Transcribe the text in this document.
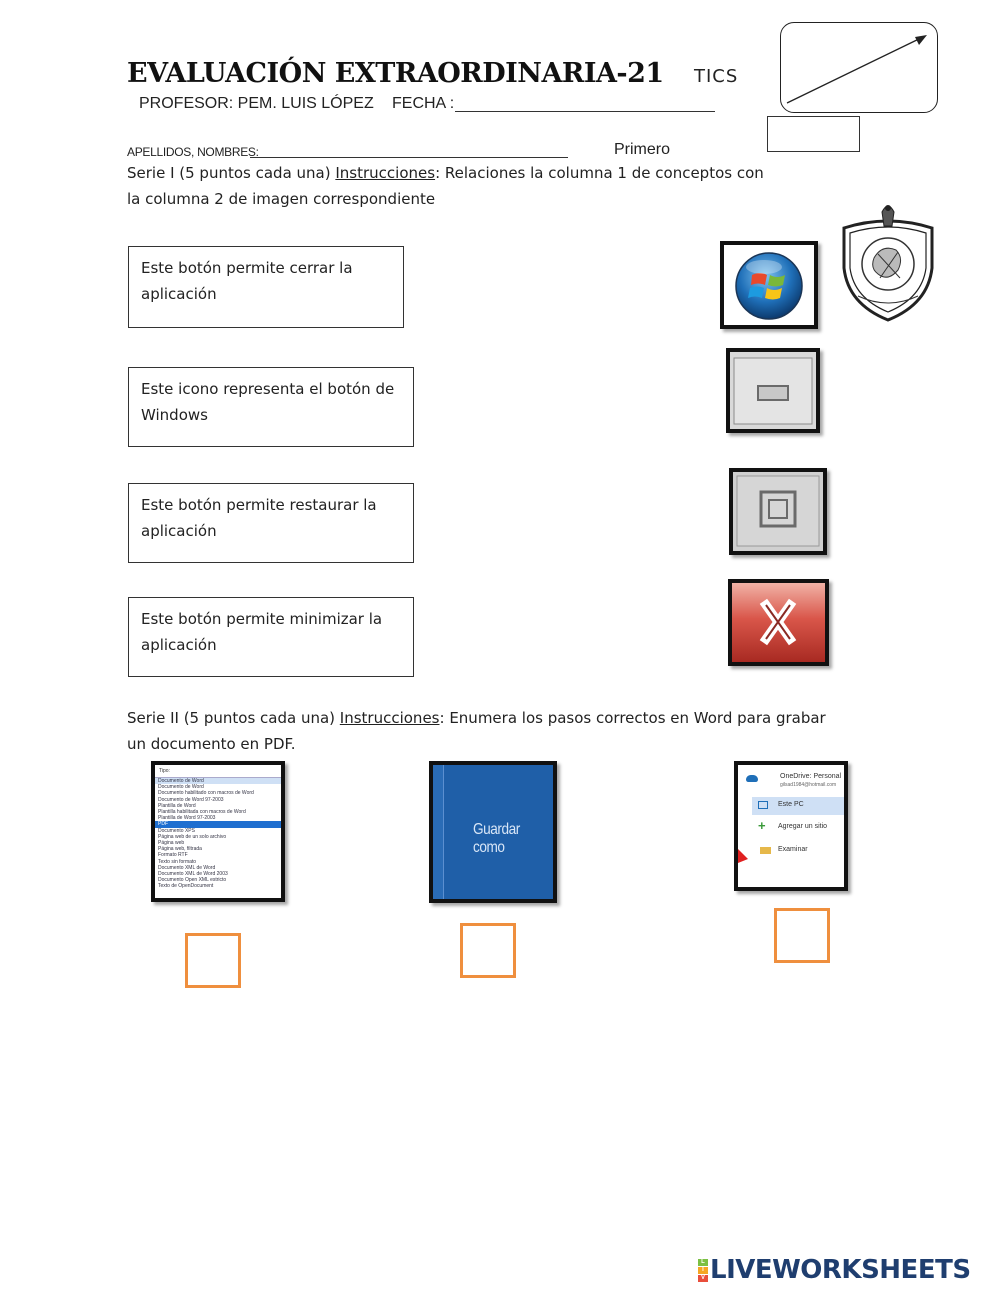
EVALUACIÓN EXTRAORDINARIA-21 TICS
PROFESOR: PEM. LUIS LÓPEZ FECHA :
APELLIDOS, NOMBRES:	Primero
Serie I (5 puntos cada una) Instrucciones: Relaciones la columna 1 de conceptos con la columna 2 de imagen correspondiente
Este botón permite cerrar la aplicación
Este icono representa el botón de Windows
Este botón permite restaurar la aplicación
Este botón permite minimizar la aplicación
Serie II (5 puntos cada una) Instrucciones: Enumera los pasos correctos en Word para grabar un documento en PDF.
Tipo:
Documento de Word
Documento de Word
Documento habilitado con macros de Word
Documento de Word 97-2003
Plantilla de Word
Plantilla habilitada con macros de Word
Plantilla de Word 97-2003
PDF
Documento XPS
Página web de un solo archivo
Página web
Página web, filtrada
Formato RTF
Texto sin formato
Documento XML de Word
Documento XML de Word 2003
Documento Open XML estricto
Texto de OpenDocument
Guardar como
OneDrive: Personal
gilsad1984@hotmail.com
Este PC
+ Agregar un sitio
Examinar
L
I
V LIVEWORKSHEETS
